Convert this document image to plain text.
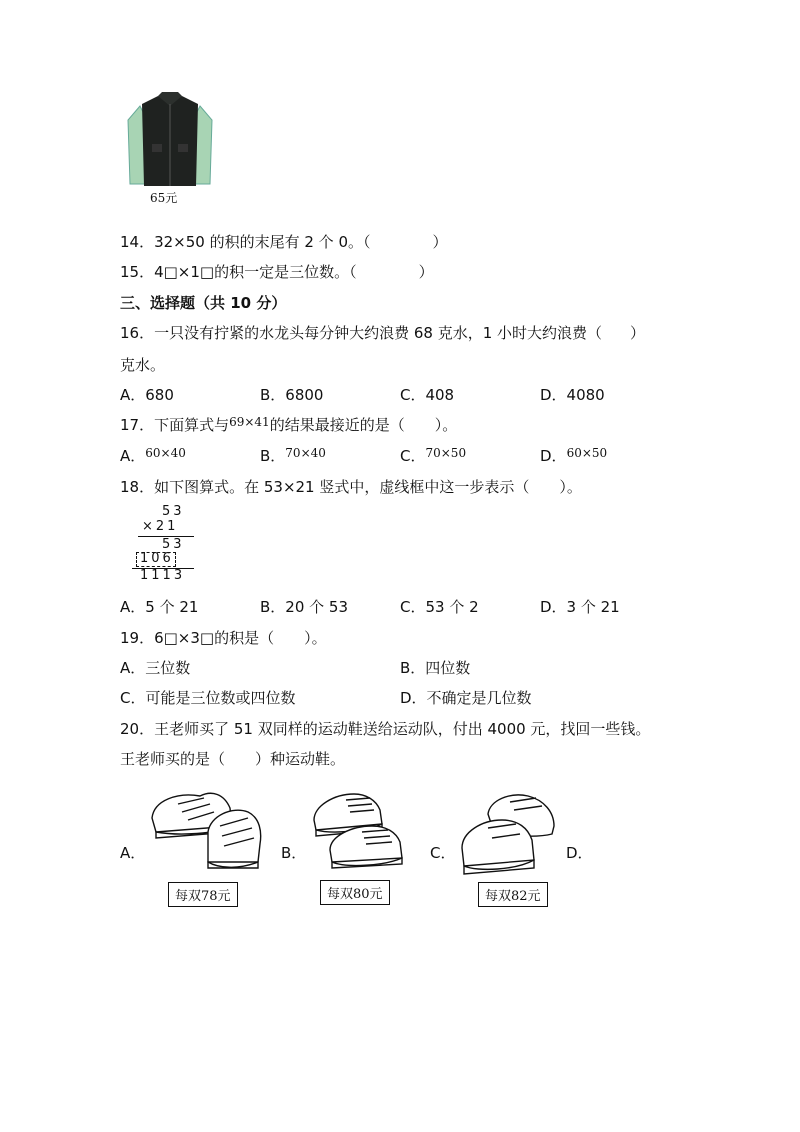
65元
14．32×50 的积的末尾有 2 个 0。（	）
15．4□×1□的积一定是三位数。（	）
三、选择题（共 10 分）
16．一只没有拧紧的水龙头每分钟大约浪费 68 克水，1 小时大约浪费（ ）
克水。
A．680	B．6800	C．408	D．4080
17．下面算式与$^{69\times 41}$的结果最接近的是（ ）。
A．$^{60\times 40}$	B．$^{70\times 40}$	C．$^{70\times 50}$	D．$^{60\times 50}$
18．如下图算式。在 53×21 竖式中，虚线框中这一步表示（ ）。
53
×21
53
106
1113
A．5 个 21	B．20 个 53	C．53 个 2	D．3 个 21
19．6□×3□的积是（ ）。
A．三位数	B．四位数
C．可能是三位数或四位数	D．不确定是几位数
20．王老师买了 51 双同样的运动鞋送给运动队，付出 4000 元，找回一些钱。
王老师买的是（ ）种运动鞋。
A．	B．	C．	D．
每双78元	每双80元	每双82元
